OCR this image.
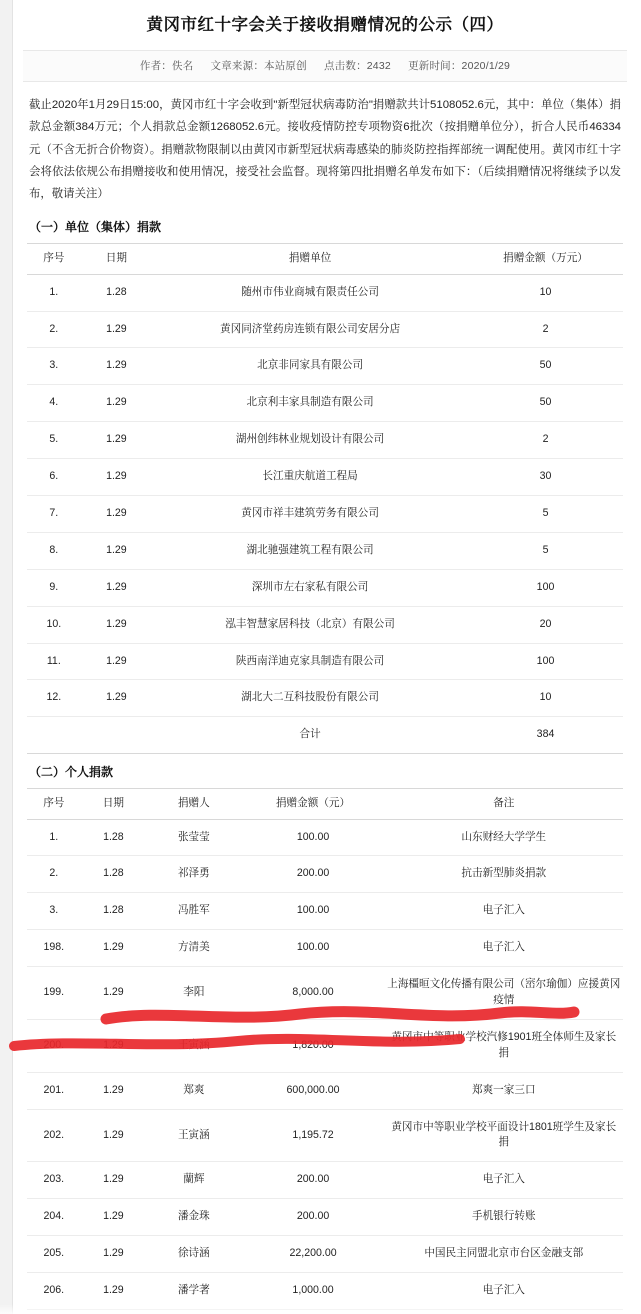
黄冈市红十字会关于接收捐赠情况的公示（四）
作者：佚名 文章来源：本站原创 点击数：2432 更新时间：2020/1/29
截止2020年1月29日15:00，黄冈市红十字会收到"新型冠状病毒防治"捐赠款共计5108052.6元，其中：单位（集体）捐款总金额384万元；个人捐款总金额1268052.6元。接收疫情防控专项物资6批次（按捐赠单位分），折合人民币46334元（不含无折合价物资）。捐赠款物限制以由黄冈市新型冠状病毒感染的肺炎防控指挥部统一调配使用。黄冈市红十字会将依法依规公布捐赠接收和使用情况，接受社会监督。现将第四批捐赠名单发布如下：（后续捐赠情况将继续予以发布，敬请关注）
（一）单位（集体）捐款
序号	日期	捐赠单位	捐赠金额（万元）
1.	1.28	随州市伟业商城有限责任公司	10
2.	1.29	黄冈同济堂药房连锁有限公司安居分店	2
3.	1.29	北京非同家具有限公司	50
4.	1.29	北京利丰家具制造有限公司	50
5.	1.29	湖州创纬林业规划设计有限公司	2
6.	1.29	长江重庆航道工程局	30
7.	1.29	黄冈市祥丰建筑劳务有限公司	5
8.	1.29	湖北驰强建筑工程有限公司	5
9.	1.29	深圳市左右家私有限公司	100
10.	1.29	泓丰智慧家居科技（北京）有限公司	20
11.	1.29	陕西南洋迪克家具制造有限公司	100
12.	1.29	湖北大二互科技股份有限公司	10
		合计	384
（二）个人捐款
序号	日期	捐赠人	捐赠金额（元）	备注
1.	1.28	张莹莹	100.00	山东财经大学学生
2.	1.28	祁泽勇	200.00	抗击新型肺炎捐款
3.	1.28	冯胜军	100.00	电子汇入
198.	1.29	方清美	100.00	电子汇入
199.	1.29	李阳	8,000.00	上海橿晅文化传播有限公司（崈尔瑜伽）应援黄冈疫情
200.	1.29	王寅涵	1,820.00	黄冈市中等职业学校汽修1901班全体师生及家长捐
201.	1.29	郑爽	600,000.00	郑爽一家三口
202.	1.29	王寅涵	1,195.72	黄冈市中等职业学校平面设计1801班学生及家长捐
203.	1.29	蘭辉	200.00	电子汇入
204.	1.29	潘金珠	200.00	手机银行转账
205.	1.29	徐诗涵	22,200.00	中国民主同盟北京市台区金融支部
206.	1.29	潘学著	1,000.00	电子汇入
